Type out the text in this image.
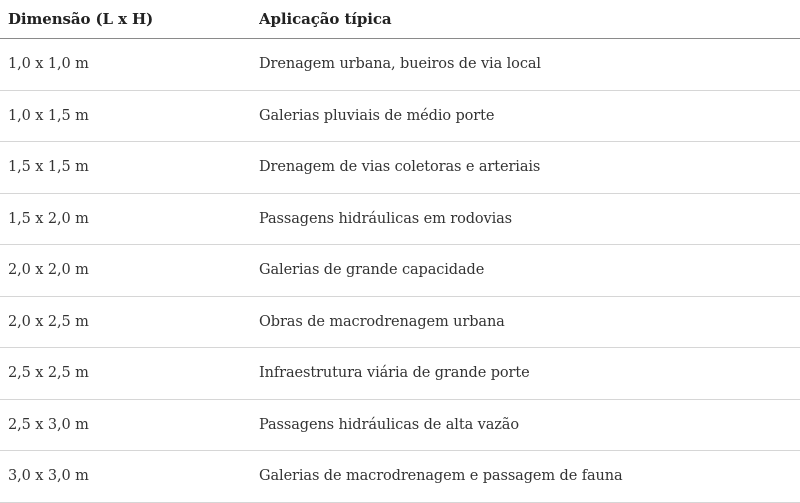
Dimensão (L x H)	Aplicação típica
1,0 x 1,0 m	Drenagem urbana, bueiros de via local
1,0 x 1,5 m	Galerias pluviais de médio porte
1,5 x 1,5 m	Drenagem de vias coletoras e arteriais
1,5 x 2,0 m	Passagens hidráulicas em rodovias
2,0 x 2,0 m	Galerias de grande capacidade
2,0 x 2,5 m	Obras de macrodrenagem urbana
2,5 x 2,5 m	Infraestrutura viária de grande porte
2,5 x 3,0 m	Passagens hidráulicas de alta vazão
3,0 x 3,0 m	Galerias de macrodrenagem e passagem de fauna
